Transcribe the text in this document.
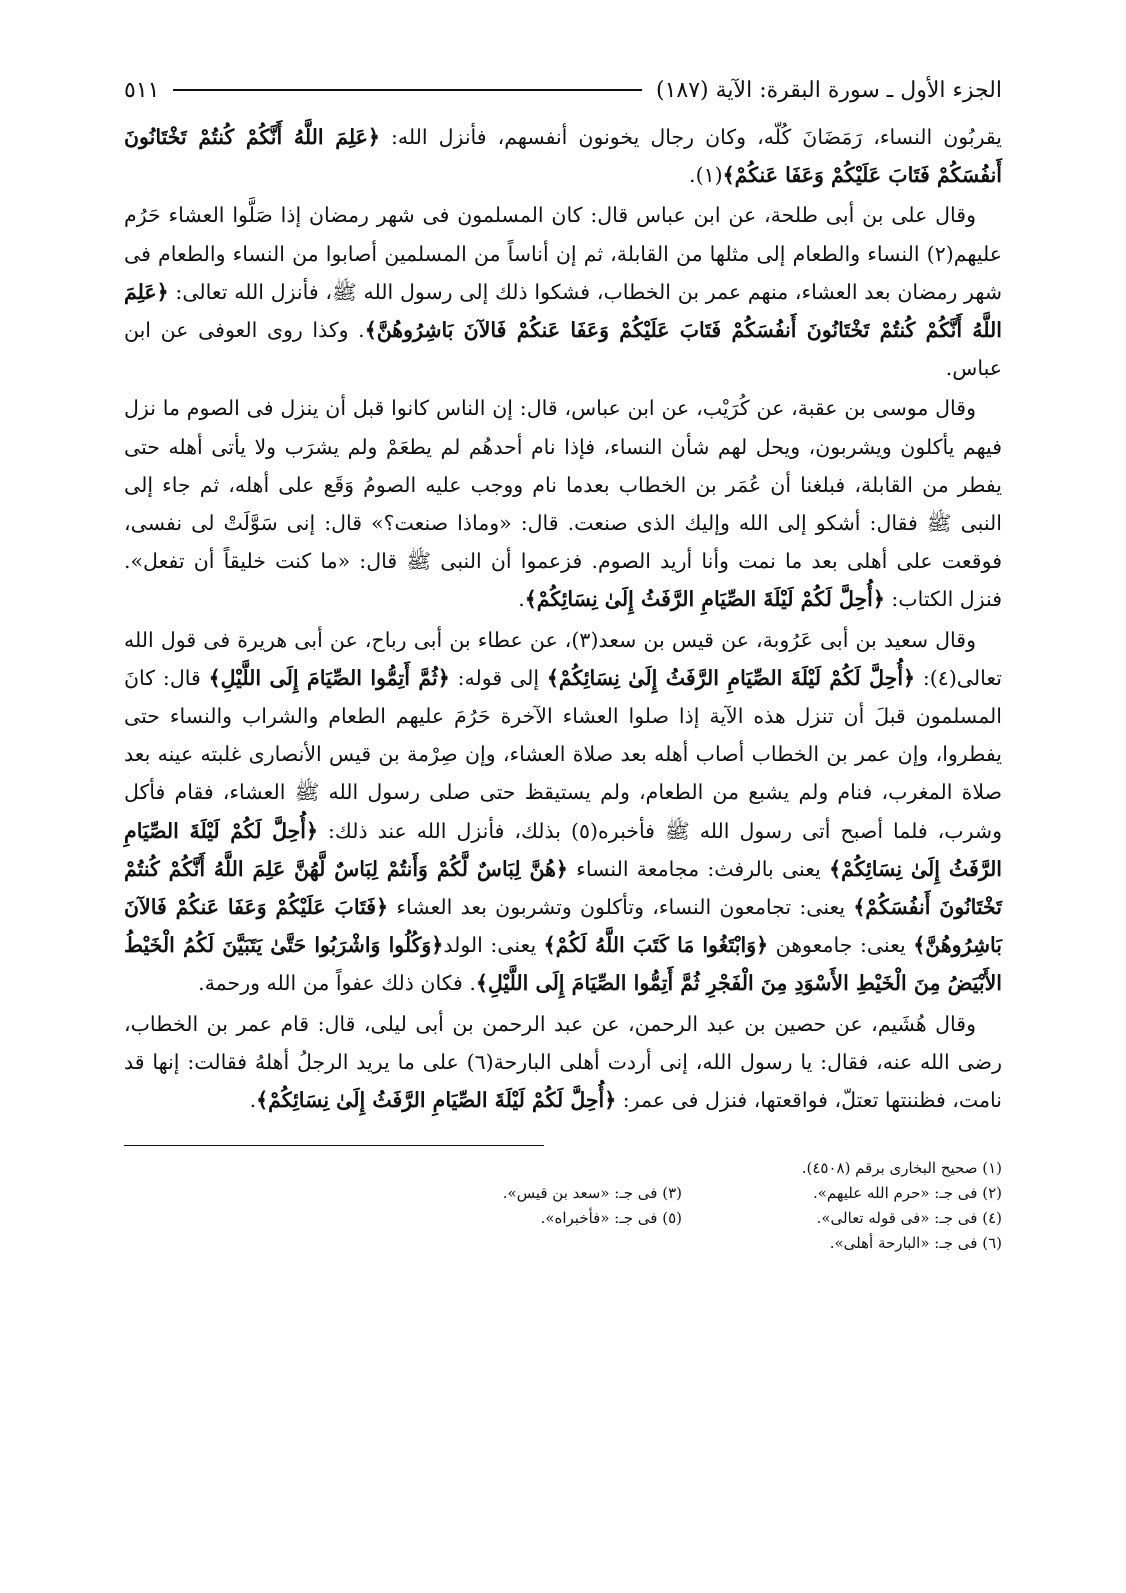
الجزء الأول ـ سورة البقرة: الآية (١٨٧)
٥١١

يقربُون النساء، رَمَضَانَ كُلّه، وكان رجال يخونون أنفسهم، فأنزل الله: ﴿عَلِمَ اللَّهُ أَنَّكُمْ كُنتُمْ تَخْتَانُونَ أَنفُسَكُمْ فَتَابَ عَلَيْكُمْ وَعَفَا عَنكُمْ﴾(١).

وقال على بن أبى طلحة، عن ابن عباس قال: كان المسلمون فى شهر رمضان إذا صَلَّوا العشاء حَرُم عليهم(٢) النساء والطعام إلى مثلها من القابلة، ثم إن أناساً من المسلمين أصابوا من النساء والطعام فى شهر رمضان بعد العشاء، منهم عمر بن الخطاب، فشكوا ذلك إلى رسول الله ﷺ، فأنزل الله تعالى: ﴿عَلِمَ اللَّهُ أَنَّكُمْ كُنتُمْ تَخْتَانُونَ أَنفُسَكُمْ فَتَابَ عَلَيْكُمْ وَعَفَا عَنكُمْ فَالآنَ بَاشِرُوهُنَّ﴾. وكذا روى العوفى عن ابن عباس.

وقال موسى بن عقبة، عن كُرَيْب، عن ابن عباس، قال: إن الناس كانوا قبل أن ينزل فى الصوم ما نزل فيهم يأكلون ويشربون، ويحل لهم شأن النساء، فإذا نام أحدهُم لم يطعَمْ ولم يشرَب ولا يأتى أهله حتى يفطر من القابلة، فبلغنا أن عُمَر بن الخطاب بعدما نام ووجب عليه الصومُ وَقَع على أهله، ثم جاء إلى النبى ﷺ فقال: أشكو إلى الله وإليك الذى صنعت. قال: «وماذا صنعت؟» قال: إنى سَوَّلَتْ لى نفسى، فوقعت على أهلى بعد ما نمت وأنا أريد الصوم. فزعموا أن النبى ﷺ قال: «ما كنت خليقاً أن تفعل». فنزل الكتاب: ﴿أُحِلَّ لَكُمْ لَيْلَةَ الصِّيَامِ الرَّفَثُ إِلَىٰ نِسَائِكُمْ﴾.

وقال سعيد بن أبى عَرُوبة، عن قيس بن سعد(٣)، عن عطاء بن أبى رباح، عن أبى هريرة فى قول الله تعالى(٤): ﴿أُحِلَّ لَكُمْ لَيْلَةَ الصِّيَامِ الرَّفَثُ إِلَىٰ نِسَائِكُمْ﴾ إلى قوله: ﴿ثُمَّ أَتِمُّوا الصِّيَامَ إِلَى اللَّيْلِ﴾ قال: كانَ المسلمون قبلَ أن تنزل هذه الآية إذا صلوا العشاء الآخرة حَرُمَ عليهم الطعام والشراب والنساء حتى يفطروا، وإن عمر بن الخطاب أصاب أهله بعد صلاة العشاء، وإن صِرْمة بن قيس الأنصارى غلبته عينه بعد صلاة المغرب، فنام ولم يشبع من الطعام، ولم يستيقظ حتى صلى رسول الله ﷺ العشاء، فقام فأكل وشرب، فلما أصبح أتى رسول الله ﷺ فأخبره(٥) بذلك، فأنزل الله عند ذلك: ﴿أُحِلَّ لَكُمْ لَيْلَةَ الصِّيَامِ الرَّفَثُ إِلَىٰ نِسَائِكُمْ﴾ يعنى بالرفث: مجامعة النساء ﴿هُنَّ لِبَاسٌ لَّكُمْ وَأَنتُمْ لِبَاسٌ لَّهُنَّ عَلِمَ اللَّهُ أَنَّكُمْ كُنتُمْ تَخْتَانُونَ أَنفُسَكُمْ﴾ يعنى: تجامعون النساء، وتأكلون وتشربون بعد العشاء ﴿فَتَابَ عَلَيْكُمْ وَعَفَا عَنكُمْ فَالآنَ بَاشِرُوهُنَّ﴾ يعنى: جامعوهن ﴿وَابْتَغُوا مَا كَتَبَ اللَّهُ لَكُمْ﴾ يعنى: الولد﴿وَكُلُوا وَاشْرَبُوا حَتَّىٰ يَتَبَيَّنَ لَكُمُ الْخَيْطُ الأَبْيَضُ مِنَ الْخَيْطِ الأَسْوَدِ مِنَ الْفَجْرِ ثُمَّ أَتِمُّوا الصِّيَامَ إِلَى اللَّيْلِ﴾. فكان ذلك عفواً من الله ورحمة.

وقال هُشَيم، عن حصين بن عبد الرحمن، عن عبد الرحمن بن أبى ليلى، قال: قام عمر بن الخطاب، رضى الله عنه، فقال: يا رسول الله، إنى أردت أهلى البارحة(٦) على ما يريد الرجلُ أهلهُ فقالت: إنها قد نامت، فظننتها تعتلّ، فواقعتها، فنزل فى عمر: ﴿أُحِلَّ لَكُمْ لَيْلَةَ الصِّيَامِ الرَّفَثُ إِلَىٰ نِسَائِكُمْ﴾.

(١) صحيح البخارى برقم (٤٥٠٨).
(٢) فى جـ: «حرم الله عليهم».
(٣) فى جـ: «سعد بن قيس».
(٤) فى جـ: «فى قوله تعالى».
(٥) فى جـ: «فأخبراه».
(٦) فى جـ: «البارحة أهلى».
